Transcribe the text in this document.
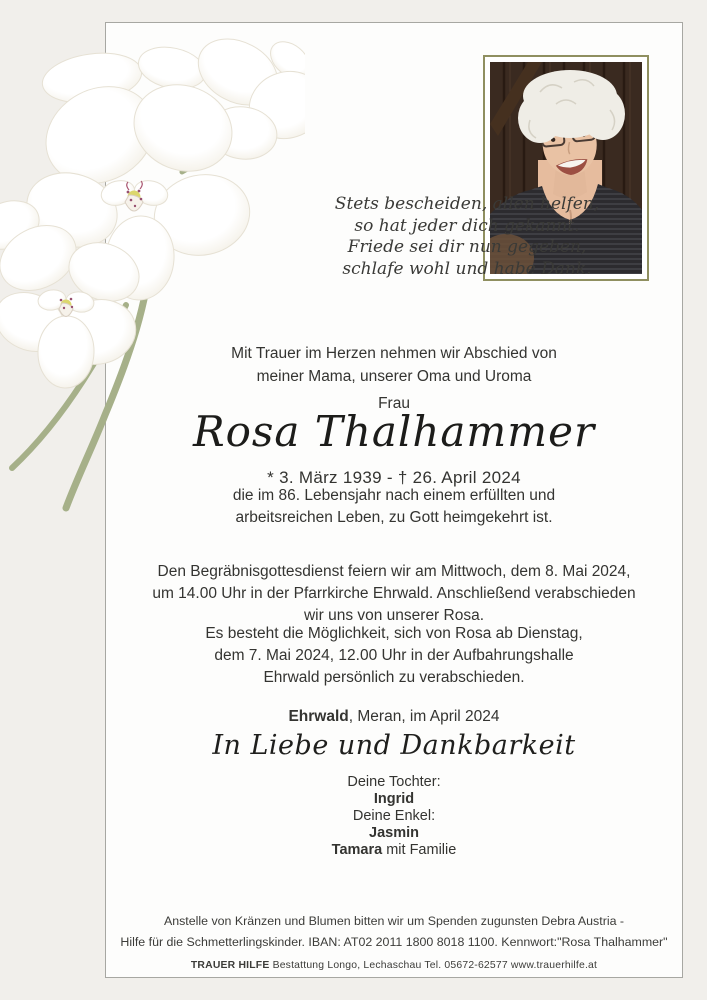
Stets bescheiden, allen helfen,
so hat jeder dich gekannt.
Friede sei dir nun gegeben,
schlafe wohl und habe Dank.
Mit Trauer im Herzen nehmen wir Abschied von
meiner Mama, unserer Oma und Uroma
Frau
Rosa Thalhammer
* 3. März 1939 - † 26. April 2024
die im 86. Lebensjahr nach einem erfüllten und
arbeitsreichen Leben, zu Gott heimgekehrt ist.
Den Begräbnisgottesdienst feiern wir am Mittwoch, dem 8. Mai 2024,
um 14.00 Uhr in der Pfarrkirche Ehrwald. Anschließend verabschieden
wir uns von unserer Rosa.
Es besteht die Möglichkeit, sich von Rosa ab Dienstag,
dem 7. Mai 2024, 12.00 Uhr in der Aufbahrungshalle
Ehrwald persönlich zu verabschieden.
Ehrwald, Meran, im April 2024
In Liebe und Dankbarkeit
Deine Tochter:
Ingrid
Deine Enkel:
Jasmin
Tamara mit Familie
Anstelle von Kränzen und Blumen bitten wir um Spenden zugunsten Debra Austria -
Hilfe für die Schmetterlingskinder. IBAN: AT02 2011 1800 8018 1100. Kennwort:"Rosa Thalhammer"
TRAUER HILFE Bestattung Longo, Lechaschau Tel. 05672-62577 www.trauerhilfe.at
